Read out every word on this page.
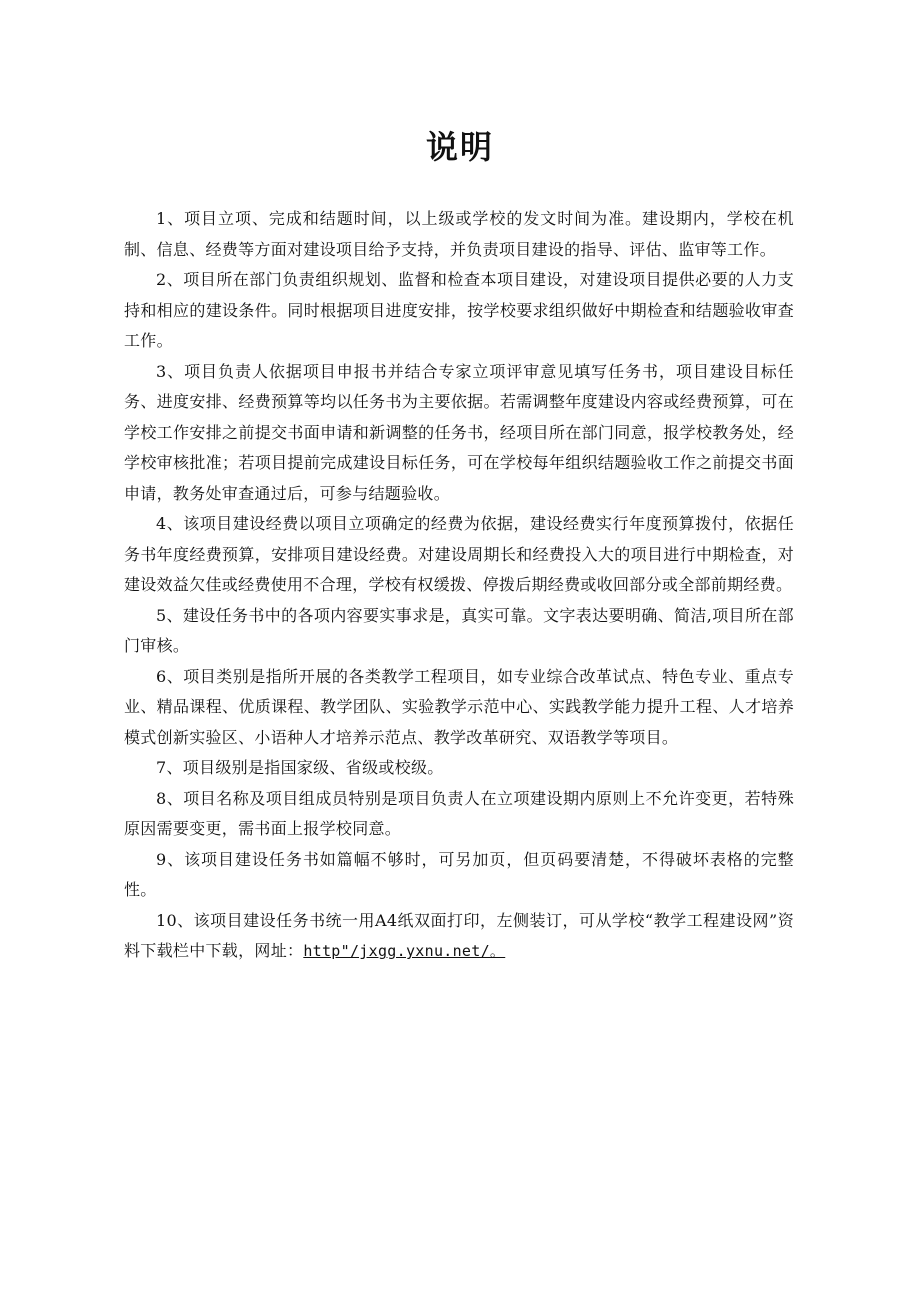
说明

1、项目立项、完成和结题时间，以上级或学校的发文时间为准。建设期内，学校在机制、信息、经费等方面对建设项目给予支持，并负责项目建设的指导、评估、监审等工作。

2、项目所在部门负责组织规划、监督和检查本项目建设，对建设项目提供必要的人力支持和相应的建设条件。同时根据项目进度安排，按学校要求组织做好中期检查和结题验收审查工作。

3、项目负责人依据项目申报书并结合专家立项评审意见填写任务书，项目建设目标任务、进度安排、经费预算等均以任务书为主要依据。若需调整年度建设内容或经费预算，可在学校工作安排之前提交书面申请和新调整的任务书，经项目所在部门同意，报学校教务处，经学校审核批准；若项目提前完成建设目标任务，可在学校每年组织结题验收工作之前提交书面申请，教务处审查通过后，可参与结题验收。

4、该项目建设经费以项目立项确定的经费为依据，建设经费实行年度预算拨付，依据任务书年度经费预算，安排项目建设经费。对建设周期长和经费投入大的项目进行中期检查，对建设效益欠佳或经费使用不合理，学校有权缓拨、停拨后期经费或收回部分或全部前期经费。

5、建设任务书中的各项内容要实事求是，真实可靠。文字表达要明确、简洁,项目所在部门审核。

6、项目类别是指所开展的各类教学工程项目，如专业综合改革试点、特色专业、重点专业、精品课程、优质课程、教学团队、实验教学示范中心、实践教学能力提升工程、人才培养模式创新实验区、小语种人才培养示范点、教学改革研究、双语教学等项目。

7、项目级别是指国家级、省级或校级。

8、项目名称及项目组成员特别是项目负责人在立项建设期内原则上不允许变更，若特殊原因需要变更，需书面上报学校同意。

9、该项目建设任务书如篇幅不够时，可另加页，但页码要清楚，不得破坏表格的完整性。

10、该项目建设任务书统一用A4纸双面打印，左侧装订，可从学校“教学工程建设网”资料下载栏中下载，网址：http"/jxgg.yxnu.net/。
